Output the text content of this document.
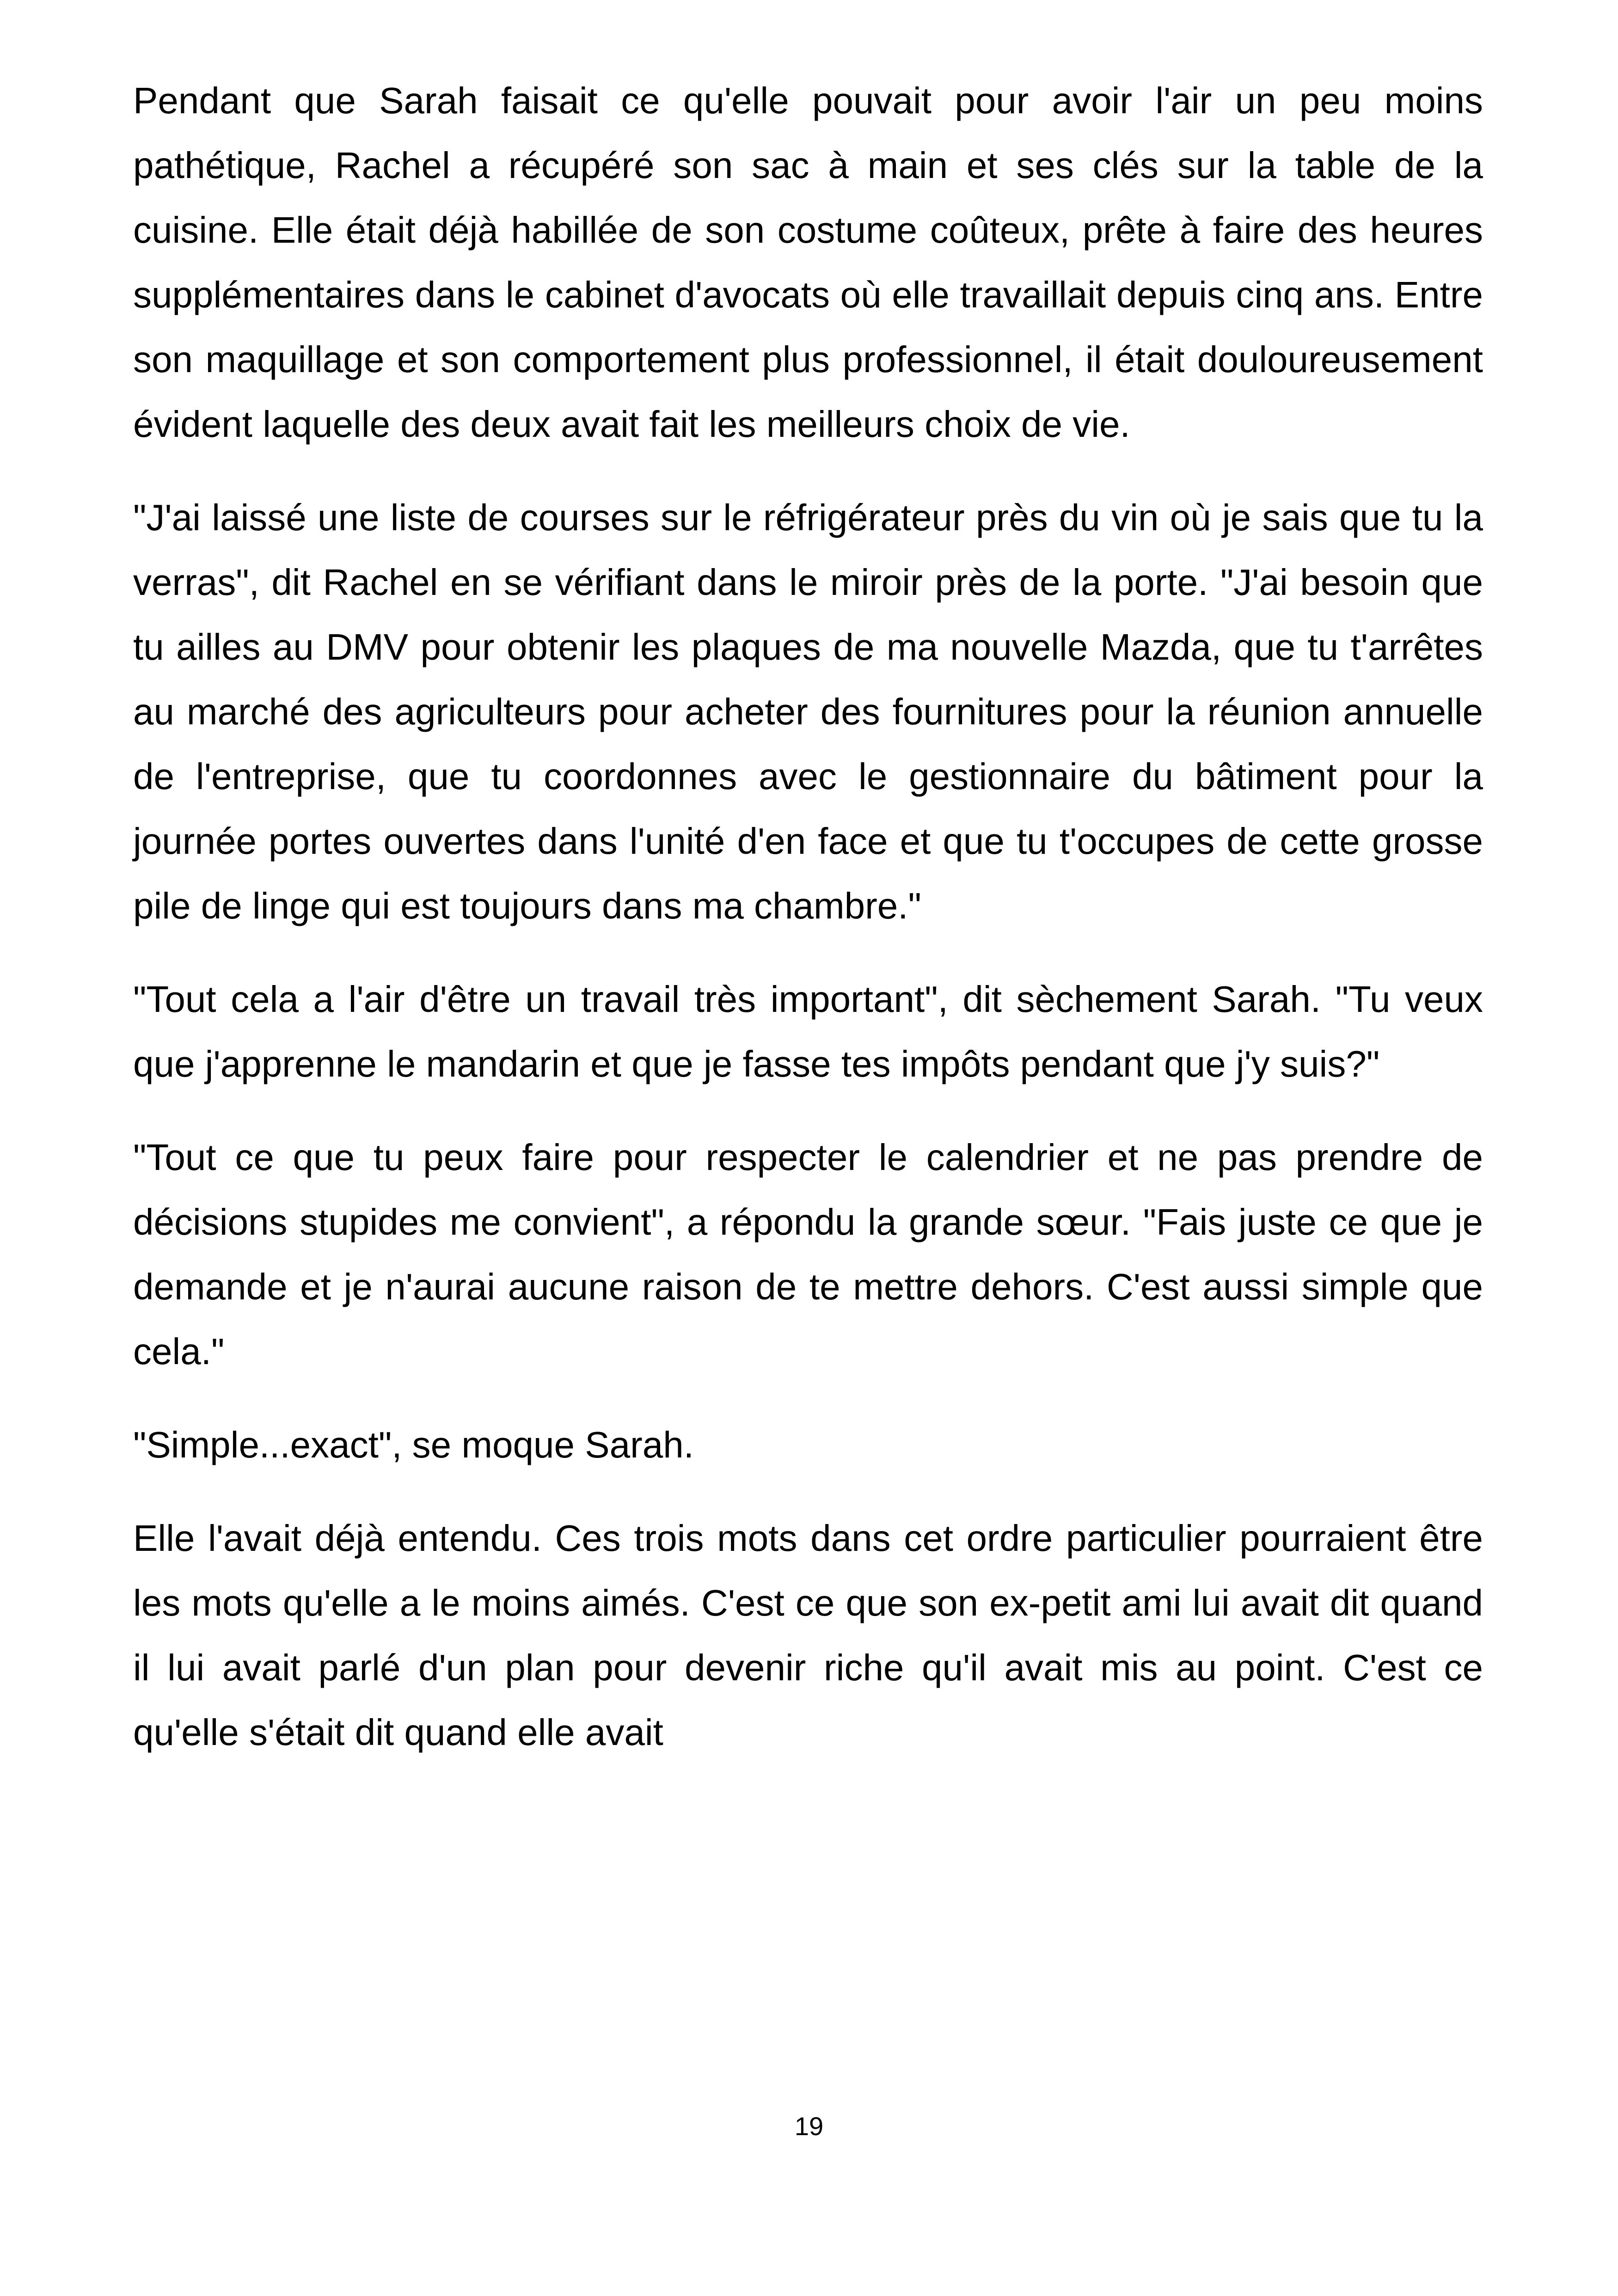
Pendant que Sarah faisait ce qu'elle pouvait pour avoir l'air un peu moins pathétique, Rachel a récupéré son sac à main et ses clés sur la table de la cuisine. Elle était déjà habillée de son costume coûteux, prête à faire des heures supplémentaires dans le cabinet d'avocats où elle travaillait depuis cinq ans. Entre son maquillage et son comportement plus professionnel, il était douloureusement évident laquelle des deux avait fait les meilleurs choix de vie.

"J'ai laissé une liste de courses sur le réfrigérateur près du vin où je sais que tu la verras", dit Rachel en se vérifiant dans le miroir près de la porte. "J'ai besoin que tu ailles au DMV pour obtenir les plaques de ma nouvelle Mazda, que tu t'arrêtes au marché des agriculteurs pour acheter des fournitures pour la réunion annuelle de l'entreprise, que tu coordonnes avec le gestionnaire du bâtiment pour la journée portes ouvertes dans l'unité d'en face et que tu t'occupes de cette grosse pile de linge qui est toujours dans ma chambre."

"Tout cela a l'air d'être un travail très important", dit sèchement Sarah. "Tu veux que j'apprenne le mandarin et que je fasse tes impôts pendant que j'y suis?"

"Tout ce que tu peux faire pour respecter le calendrier et ne pas prendre de décisions stupides me convient", a répondu la grande sœur. "Fais juste ce que je demande et je n'aurai aucune raison de te mettre dehors. C'est aussi simple que cela."

"Simple...exact", se moque Sarah.

Elle l'avait déjà entendu. Ces trois mots dans cet ordre particulier pourraient être les mots qu'elle a le moins aimés. C'est ce que son ex-petit ami lui avait dit quand il lui avait parlé d'un plan pour devenir riche qu'il avait mis au point. C'est ce qu'elle s'était dit quand elle avait

19
